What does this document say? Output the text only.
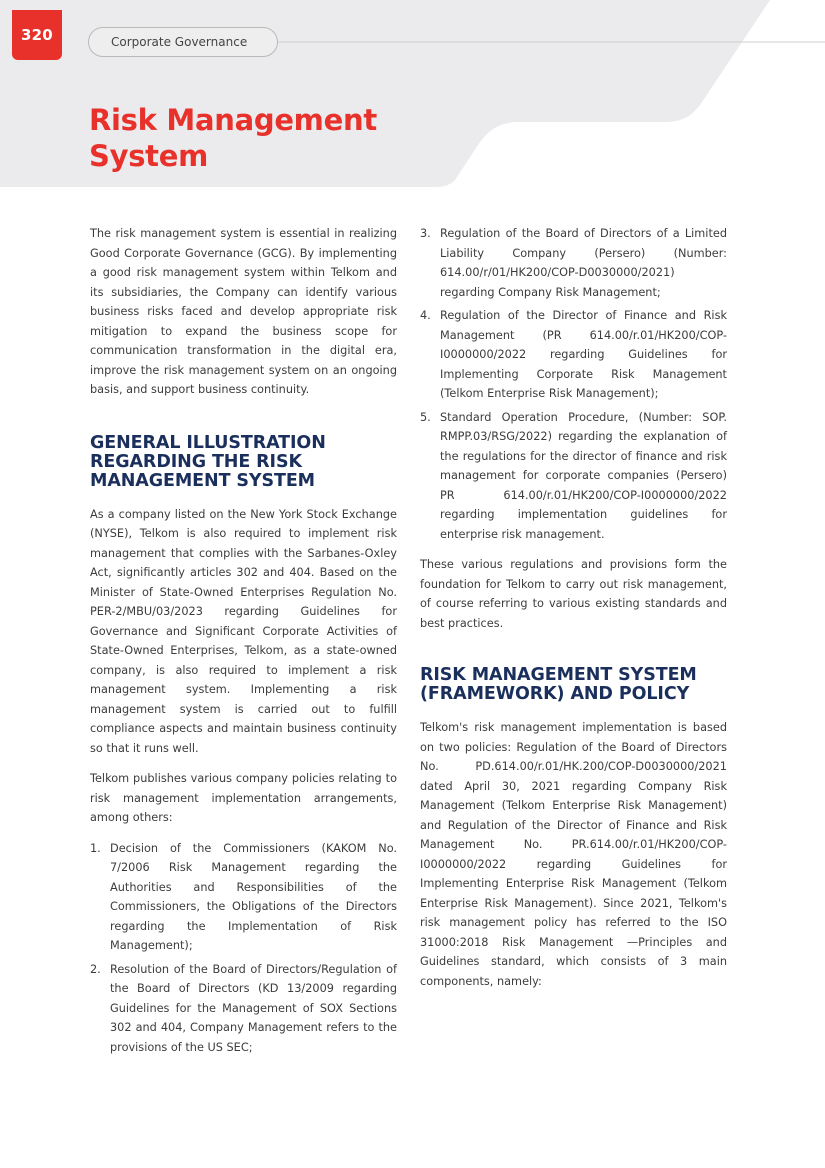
320	Corporate Governance
Risk Management
System

The risk management system is essential in realizing Good Corporate Governance (GCG). By implementing a good risk management system within Telkom and its subsidiaries, the Company can identify various business risks faced and develop appropriate risk mitigation to expand the business scope for communication transformation in the digital era, improve the risk management system on an ongoing basis, and support business continuity.

GENERAL ILLUSTRATION REGARDING THE RISK MANAGEMENT SYSTEM

As a company listed on the New York Stock Exchange (NYSE), Telkom is also required to implement risk management that complies with the Sarbanes-Oxley Act, significantly articles 302 and 404. Based on the Minister of State-Owned Enterprises Regulation No. PER-2/MBU/03/2023 regarding Guidelines for Governance and Significant Corporate Activities of State-Owned Enterprises, Telkom, as a state-owned company, is also required to implement a risk management system. Implementing a risk management system is carried out to fulfill compliance aspects and maintain business continuity so that it runs well.

Telkom publishes various company policies relating to risk management implementation arrangements, among others:

1. Decision of the Commissioners (KAKOM No. 7/2006 Risk Management regarding the Authorities and Responsibilities of the Commissioners, the Obligations of the Directors regarding the Implementation of Risk Management);
2. Resolution of the Board of Directors/Regulation of the Board of Directors (KD 13/2009 regarding Guidelines for the Management of SOX Sections 302 and 404, Company Management refers to the provisions of the US SEC;
3. Regulation of the Board of Directors of a Limited Liability Company (Persero) (Number: 614.00/r/01/HK200/COP-D0030000/2021) regarding Company Risk Management;
4. Regulation of the Director of Finance and Risk Management (PR 614.00/r.01/HK200/COP-I0000000/2022 regarding Guidelines for Implementing Corporate Risk Management (Telkom Enterprise Risk Management);
5. Standard Operation Procedure, (Number: SOP. RMPP.03/RSG/2022) regarding the explanation of the regulations for the director of finance and risk management for corporate companies (Persero) PR 614.00/r.01/HK200/COP-I0000000/2022 regarding implementation guidelines for enterprise risk management.

These various regulations and provisions form the foundation for Telkom to carry out risk management, of course referring to various existing standards and best practices.

RISK MANAGEMENT SYSTEM (FRAMEWORK) AND POLICY

Telkom's risk management implementation is based on two policies: Regulation of the Board of Directors No. PD.614.00/r.01/HK.200/COP-D0030000/2021 dated April 30, 2021 regarding Company Risk Management (Telkom Enterprise Risk Management) and Regulation of the Director of Finance and Risk Management No. PR.614.00/r.01/HK200/COP-I0000000/2022 regarding Guidelines for Implementing Enterprise Risk Management (Telkom Enterprise Risk Management). Since 2021, Telkom's risk management policy has referred to the ISO 31000:2018 Risk Management —Principles and Guidelines standard, which consists of 3 main components, namely:
